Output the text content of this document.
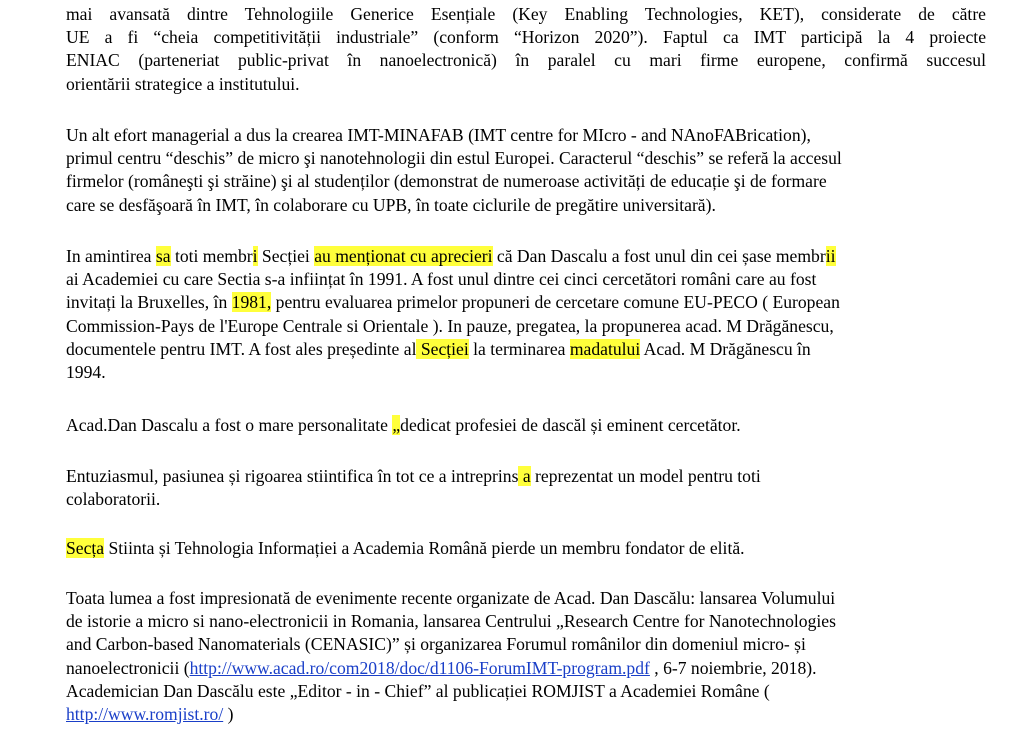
mai avansată dintre Tehnologiile Generice Esențiale (Key Enabling Technologies, KET), considerate de către
UE a fi “cheia competitivității industriale” (conform “Horizon 2020”). Faptul ca IMT participă la 4 proiecte
ENIAC (parteneriat public-privat în nanoelectronică) în paralel cu mari firme europene, confirmă succesul
orientării strategice a institutului.
Un alt efort managerial a dus la crearea IMT-MINAFAB (IMT centre for MIcro - and NAnoFABrication),
primul centru “deschis” de micro şi nanotehnologii din estul Europei. Caracterul “deschis” se referă la accesul
firmelor (româneşti şi străine) şi al studenților (demonstrat de numeroase activități de educație şi de formare
care se desfăşoară în IMT, în colaborare cu UPB, în toate ciclurile de pregătire universitară).
In amintirea sa toti membri Secției au menționat cu aprecieri că Dan Dascalu a fost unul din cei șase membrii
ai Academiei cu care Sectia s-a inființat în 1991. A fost unul dintre cei cinci cercetători români care au fost
invitați la Bruxelles, în 1981, pentru evaluarea primelor propuneri de cercetare comune EU-PECO ( European
Commission-Pays de l'Europe Centrale si Orientale ). In pauze, pregatea, la propunerea acad. M Drăgănescu,
documentele pentru IMT. A fost ales președinte al Secției la terminarea madatului Acad. M Drăgănescu în
1994.
Acad.Dan Dascalu a fost o mare personalitate „dedicat profesiei de dascăl și eminent cercetător.
Entuziasmul, pasiunea și rigoarea stiintifica în tot ce a intreprins a reprezentat un model pentru toti
colaboratorii.
Secța Stiinta și Tehnologia Informației a Academia Română pierde un membru fondator de elită.
Toata lumea a fost impresionată de evenimente recente organizate de Acad. Dan Dascălu: lansarea Volumului
de istorie a micro si nano-electronicii in Romania, lansarea Centrului „Research Centre for Nanotechnologies
and Carbon-based Nanomaterials (CENASIC)” și organizarea Forumul românilor din domeniul micro- și
nanoelectronicii (http://www.acad.ro/com2018/doc/d1106-ForumIMT-program.pdf , 6-7 noiembrie, 2018).
Academician Dan Dascălu este „Editor - in - Chief” al publicației ROMJIST a Academiei Române (
http://www.romjist.ro/ )
